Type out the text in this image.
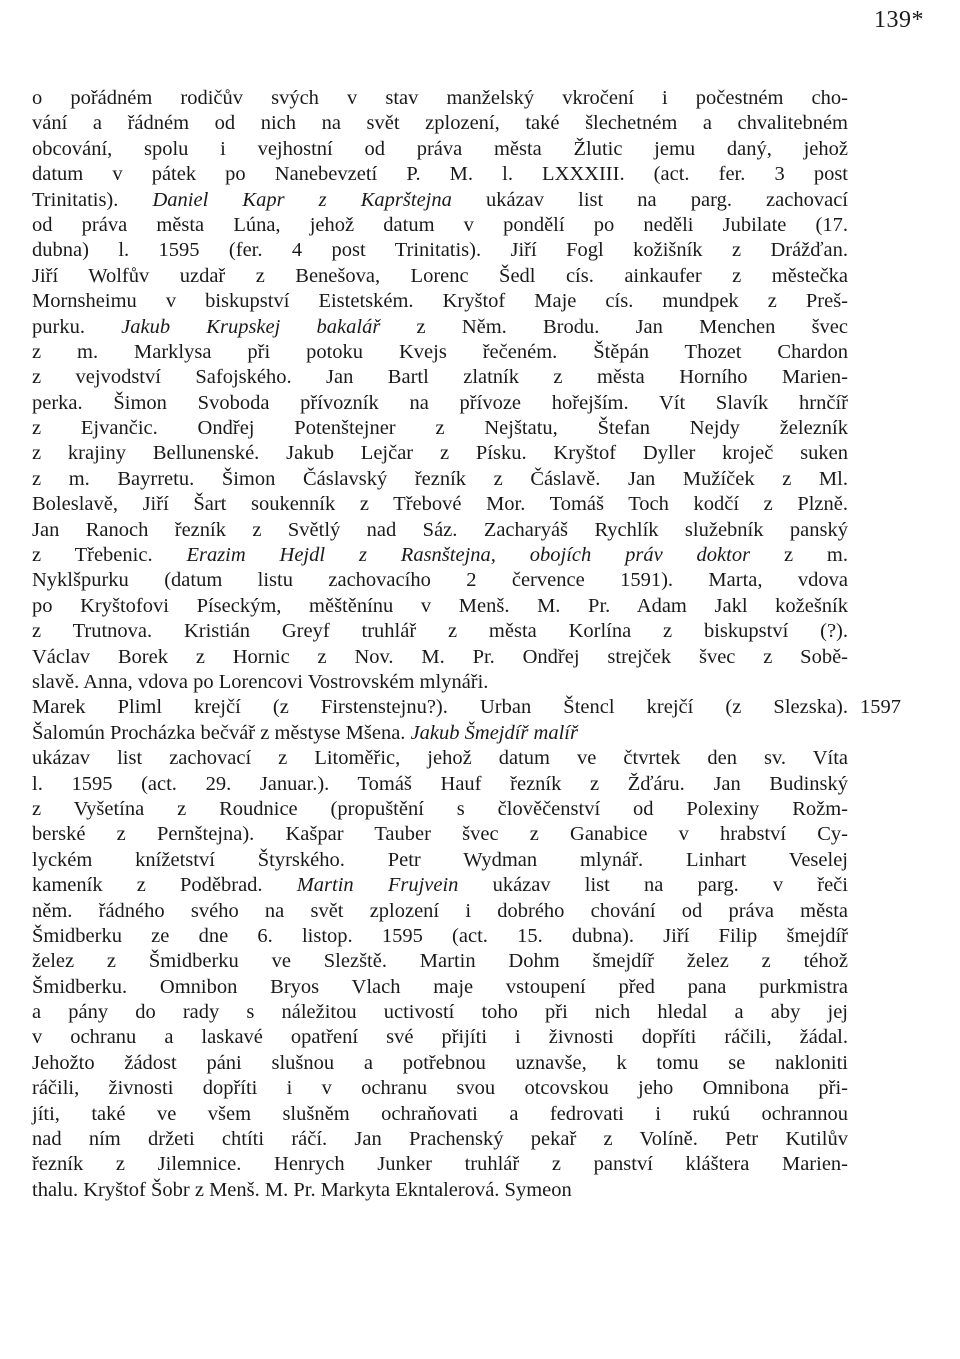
139*
o pořádném rodičův svých v stav manželský vkročení i počestném cho-
vání a řádném od nich na svět zplození, také šlechetném a chvalitebném
obcování, spolu i vejhostní od práva města Žlutic jemu daný, jehož
datum v pátek po Nanebevzetí P. M. l. LXXXIII. (act. fer. 3 post
Trinitatis). Daniel Kapr z Kapršteјna ukázav list na parg. zachovací
od práva města Lúna, jehož datum v pondělí po neděli Jubilate (17.
dubna) l. 1595 (fer. 4 post Trinitatis). Jiří Fogl kožišník z Drážďan.
Jiří Wolfův uzdař z Benešova, Lorenc Šedl cís. ainkaufer z městečka
Mornsheimu v biskupství Eistetském. Kryštof Maje cís. mundpek z Preš-
purku. Jakub Krupskej bakalář z Něm. Brodu. Jan Menchen švec
z m. Marklysa při potoku Kvejs řečeném. Štěpán Thozet Chardon
z vejvodství Safojského. Jan Bartl zlatník z města Horního Marien-
perka. Šimon Svoboda přívozník na přívoze hořejším. Vít Slavík hrnčíř
z Ejvančic. Ondřej Potenštejner z Nejštatu, Štefan Nejdy železník
z krajiny Bellunenské. Jakub Lejčar z Písku. Kryštof Dyller kroječ suken
z m. Bayrretu. Šimon Čáslavský řezník z Čáslavě. Jan Mužíček z Ml.
Boleslavě, Jiří Šart soukenník z Třebové Mor. Tomáš Toch kodčí z Plzně.
Jan Ranoch řezník z Světlý nad Sáz. Zacharyáš Rychlík služebník panský
z Třebenic. Erazim Hejdl z Rasnštejna, obojích práv doktor z m.
Nyklšpurku (datum listu zachovacího 2 července 1591). Marta, vdova
po Kryštofovi Píseckým, měštěnínu v Menš. M. Pr. Adam Jakl kožešník
z Trutnova. Kristián Greyf truhlář z města Korlína z biskupství (?).
Václav Borek z Hornic z Nov. M. Pr. Ondřej strejček švec z Sobě-
slavě. Anna, vdova po Lorencovi Vostrovském mlynáři.
Marek Pliml krejčí (z Firstenstejnu?). Urban Štencl krejčí (z Slezska).
Šalomún Procházka bečvář z městyse Mšena. Jakub Šmejdíř malíř
ukázav list zachovací z Litoměřic, jehož datum ve čtvrtek den sv. Víta
l. 1595 (act. 29. Januar.). Tomáš Hauf řezník z Žďáru. Jan Budinský
z Vyšetína z Roudnice (propuštění s člověčenství od Polexiny Rožm-
berské z Pernštejna). Kašpar Tauber švec z Ganabice v hrabství Cy-
lyckém knížetství Štyrského. Petr Wydman mlynář. Linhart Veselej
kameník z Poděbrad. Martin Frujvein ukázav list na parg. v řeči
něm. řádného svého na svět zplození i dobrého chování od práva města
Šmidberku ze dne 6. listop. 1595 (act. 15. dubna). Jiří Filip šmejdíř
želez z Šmidberku ve Slezště. Martin Dohm šmejdíř želez z téhož
Šmidberku. Omnibon Bryos Vlach maje vstoupení před pana purkmistra
a pány do rady s náležitou uctivostí toho při nich hledal a aby jej
v ochranu a laskavé opatření své přijíti i živnosti dopříti ráčili, žádal.
Jehožto žádost páni slušnou a potřebnou uznavše, k tomu se nakloniti
ráčili, živnosti dopříti i v ochranu svou otcovskou jeho Omnibona při-
jíti, také ve všem slušněm ochraňovati a fedrovati i rukú ochrannou
nad ním držeti chtíti ráčí. Jan Prachenský pekař z Volíně. Petr Kutilův
řezník z Jilemnice. Henrych Junker truhlář z panství kláštera Marien-
thalu. Kryštof Šobr z Menš. M. Pr. Markyta Ekntalerová. Symeon
1597
